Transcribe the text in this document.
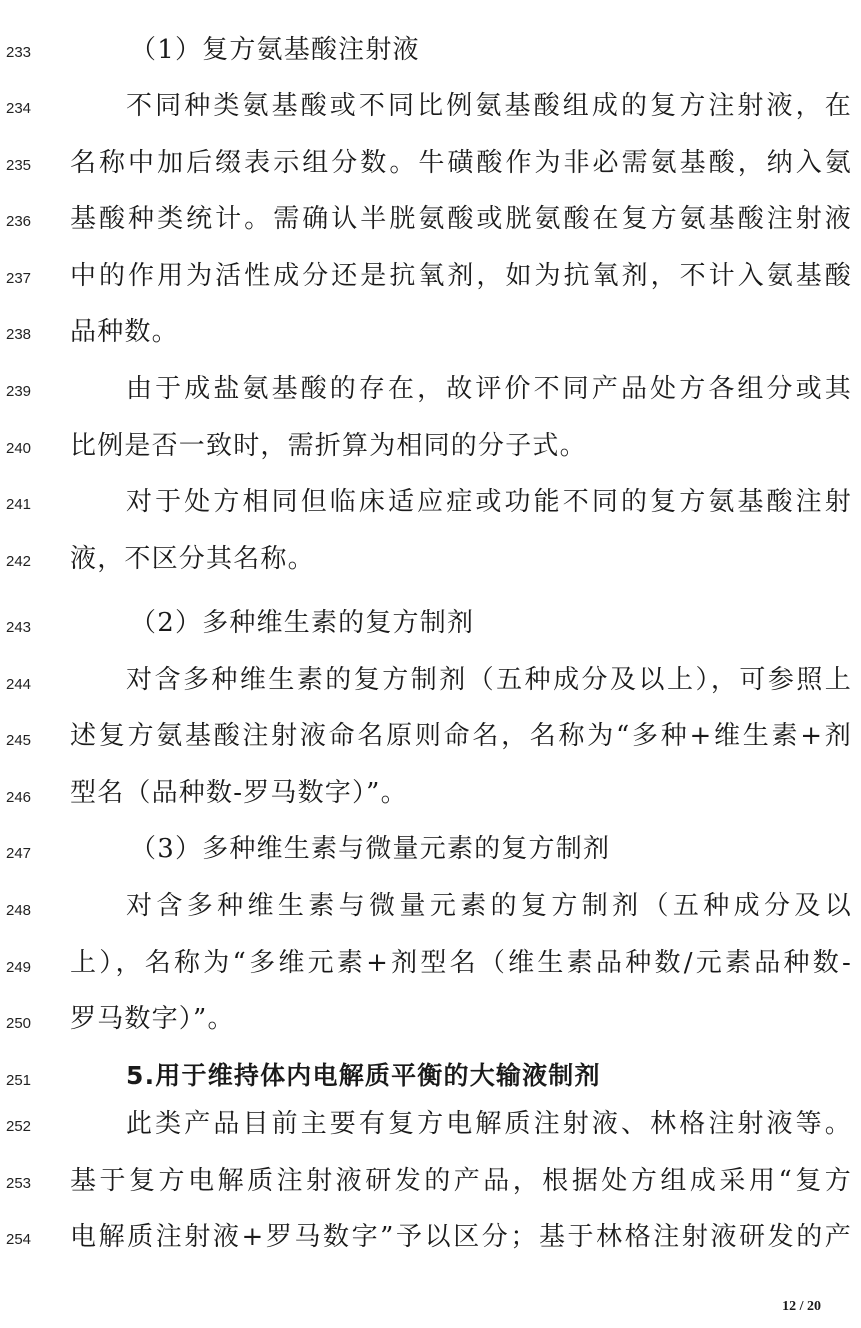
233	（1）复方氨基酸注射液
234	不同种类氨基酸或不同比例氨基酸组成的复方注射液，在
235	名称中加后缀表示组分数。牛磺酸作为非必需氨基酸，纳入氨
236	基酸种类统计。需确认半胱氨酸或胱氨酸在复方氨基酸注射液
237	中的作用为活性成分还是抗氧剂，如为抗氧剂，不计入氨基酸
238	品种数。
239	由于成盐氨基酸的存在，故评价不同产品处方各组分或其
240	比例是否一致时，需折算为相同的分子式。
241	对于处方相同但临床适应症或功能不同的复方氨基酸注射
242	液，不区分其名称。
243	（2）多种维生素的复方制剂
244	对含多种维生素的复方制剂（五种成分及以上），可参照上
245	述复方氨基酸注射液命名原则命名，名称为“多种+维生素+剂
246	型名（品种数-罗马数字）”。
247	（3）多种维生素与微量元素的复方制剂
248	对含多种维生素与微量元素的复方制剂（五种成分及以
249	上），名称为“多维元素+剂型名（维生素品种数/元素品种数-
250	罗马数字）”。
251	5.用于维持体内电解质平衡的大输液制剂
252	此类产品目前主要有复方电解质注射液、林格注射液等。
253	基于复方电解质注射液研发的产品，根据处方组成采用“复方
254	电解质注射液+罗马数字”予以区分；基于林格注射液研发的产
12 / 20
